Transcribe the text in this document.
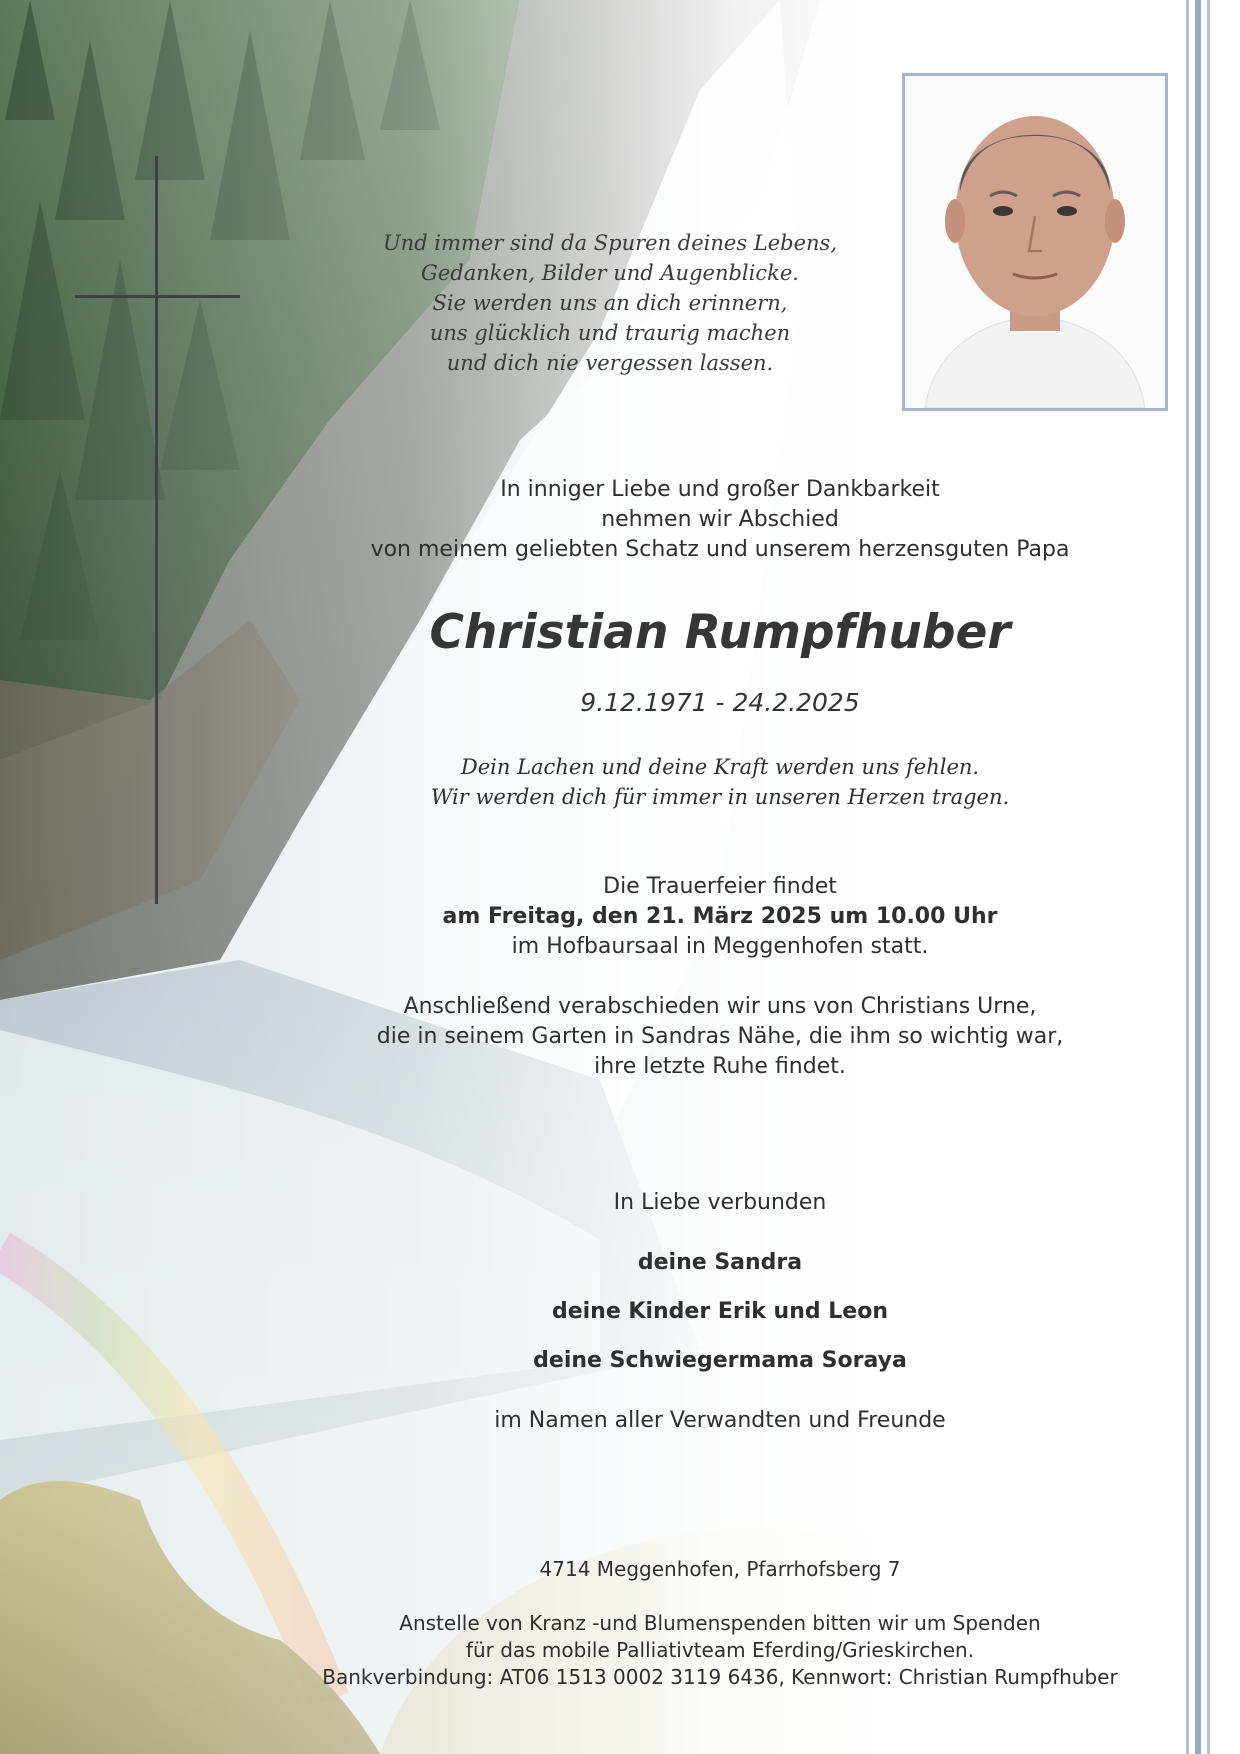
Und immer sind da Spuren deines Lebens,
Gedanken, Bilder und Augenblicke.
Sie werden uns an dich erinnern,
uns glücklich und traurig machen
und dich nie vergessen lassen.
In inniger Liebe und großer Dankbarkeit
nehmen wir Abschied
von meinem geliebten Schatz und unserem herzensguten Papa
Christian Rumpfhuber
9.12.1971 - 24.2.2025
Dein Lachen und deine Kraft werden uns fehlen.
Wir werden dich für immer in unseren Herzen tragen.
Die Trauerfeier findet
am Freitag, den 21. März 2025 um 10.00 Uhr
im Hofbaursaal in Meggenhofen statt.
Anschließend verabschieden wir uns von Christians Urne,
die in seinem Garten in Sandras Nähe, die ihm so wichtig war,
ihre letzte Ruhe findet.
In Liebe verbunden
deine Sandra
deine Kinder Erik und Leon
deine Schwiegermama Soraya
im Namen aller Verwandten und Freunde
4714 Meggenhofen, Pfarrhofsberg 7
Anstelle von Kranz -und Blumenspenden bitten wir um Spenden
für das mobile Palliativteam Eferding/Grieskirchen.
Bankverbindung: AT06 1513 0002 3119 6436, Kennwort: Christian Rumpfhuber
